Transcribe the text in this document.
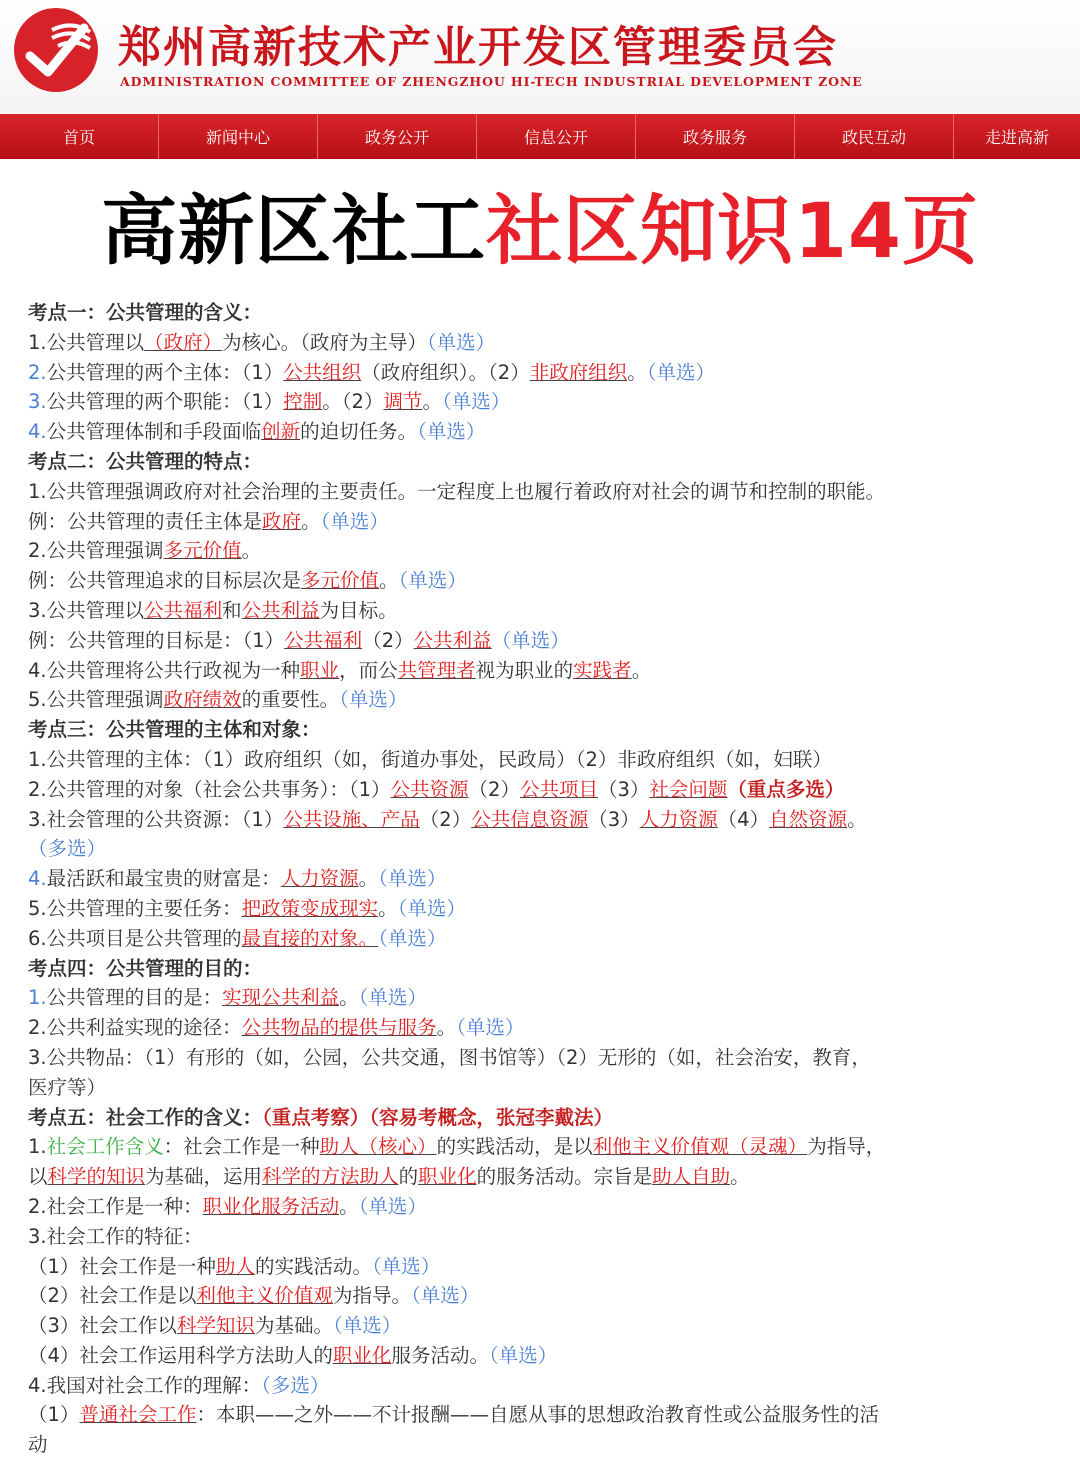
郑州高新技术产业开发区管理委员会
ADMINISTRATION COMMITTEE OF ZHENGZHOU HI-TECH INDUSTRIAL DEVELOPMENT ZONE
首页	新闻中心	政务公开	信息公开	政务服务	政民互动	走进高新
高新区社工社区知识14页
考点一：公共管理的含义：
1.公共管理以（政府）为核心。（政府为主导）（单选）
2.公共管理的两个主体：（1）公共组织（政府组织）。（2）非政府组织。（单选）
3.公共管理的两个职能：（1）控制。（2）调节。（单选）
4.公共管理体制和手段面临创新的迫切任务。（单选）
考点二：公共管理的特点：
1.公共管理强调政府对社会治理的主要责任。一定程度上也履行着政府对社会的调节和控制的职能。
例：公共管理的责任主体是政府。（单选）
2.公共管理强调多元价值。
例：公共管理追求的目标层次是多元价值。（单选）
3.公共管理以公共福利和公共利益为目标。
例：公共管理的目标是：（1）公共福利（2）公共利益（单选）
4.公共管理将公共行政视为一种职业，而公共管理者视为职业的实践者。
5.公共管理强调政府绩效的重要性。（单选）
考点三：公共管理的主体和对象：
1.公共管理的主体：（1）政府组织（如，街道办事处，民政局）（2）非政府组织（如，妇联）
2.公共管理的对象（社会公共事务）：（1）公共资源（2）公共项目（3）社会问题（重点多选）
3.社会管理的公共资源：（1）公共设施、产品（2）公共信息资源（3）人力资源（4）自然资源。
（多选）
4.最活跃和最宝贵的财富是：人力资源。（单选）
5.公共管理的主要任务：把政策变成现实。（单选）
6.公共项目是公共管理的最直接的对象。（单选）
考点四：公共管理的目的：
1.公共管理的目的是：实现公共利益。（单选）
2.公共利益实现的途径：公共物品的提供与服务。（单选）
3.公共物品：（1）有形的（如，公园，公共交通，图书馆等）（2）无形的（如，社会治安，教育，
医疗等）
考点五：社会工作的含义：（重点考察）（容易考概念，张冠李戴法）
1.社会工作含义：社会工作是一种助人（核心）的实践活动，是以利他主义价值观（灵魂）为指导，
以科学的知识为基础，运用科学的方法助人的职业化的服务活动。宗旨是助人自助。
2.社会工作是一种：职业化服务活动。（单选）
3.社会工作的特征：
（1）社会工作是一种助人的实践活动。（单选）
（2）社会工作是以利他主义价值观为指导。（单选）
（3）社会工作以科学知识为基础。（单选）
（4）社会工作运用科学方法助人的职业化服务活动。（单选）
4.我国对社会工作的理解：（多选）
（1）普通社会工作：本职——之外——不计报酬——自愿从事的思想政治教育性或公益服务性的活
动
